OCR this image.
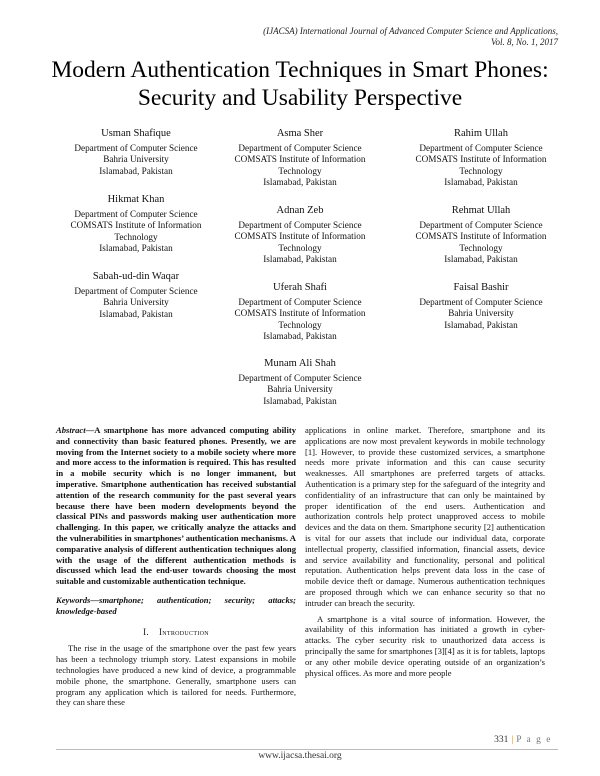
(IJACSA) International Journal of Advanced Computer Science and Applications,
Vol. 8, No. 1, 2017
Modern Authentication Techniques in Smart Phones:
Security and Usability Perspective
Usman Shafique
Department of Computer Science
Bahria University
Islamabad, Pakistan
Asma Sher
Department of Computer Science
COMSATS Institute of Information
Technology
Islamabad, Pakistan
Rahim Ullah
Department of Computer Science
COMSATS Institute of Information
Technology
Islamabad, Pakistan
Hikmat Khan
Department of Computer Science
COMSATS Institute of Information
Technology
Islamabad, Pakistan
Adnan Zeb
Department of Computer Science
COMSATS Institute of Information
Technology
Islamabad, Pakistan
Rehmat Ullah
Department of Computer Science
COMSATS Institute of Information
Technology
Islamabad, Pakistan
Sabah-ud-din Waqar
Department of Computer Science
Bahria University
Islamabad, Pakistan
Uferah Shafi
Department of Computer Science
COMSATS Institute of Information
Technology
Islamabad, Pakistan
Faisal Bashir
Department of Computer Science
Bahria University
Islamabad, Pakistan
Munam Ali Shah
Department of Computer Science
Bahria University
Islamabad, Pakistan

Abstract—A smartphone has more advanced computing ability and connectivity than basic featured phones. Presently, we are moving from the Internet society to a mobile society where more and more access to the information is required. This has resulted in a mobile security which is no longer immanent, but imperative. Smartphone authentication has received substantial attention of the research community for the past several years because there have been modern developments beyond the classical PINs and passwords making user authentication more challenging. In this paper, we critically analyze the attacks and the vulnerabilities in smartphones’ authentication mechanisms. A comparative analysis of different authentication techniques along with the usage of the different authentication methods is discussed which lead the end-user towards choosing the most suitable and customizable authentication technique.

Keywords—smartphone; authentication; security; attacks; knowledge-based

I. Introduction

The rise in the usage of the smartphone over the past few years has been a technology triumph story. Latest expansions in mobile technologies have produced a new kind of device, a programmable mobile phone, the smartphone. Generally, smartphone users can program any application which is tailored for needs. Furthermore, they can share these

applications in online market. Therefore, smartphone and its applications are now most prevalent keywords in mobile technology [1]. However, to provide these customized services, a smartphone needs more private information and this can cause security weaknesses. All smartphones are preferred targets of attacks. Authentication is a primary step for the safeguard of the integrity and confidentiality of an infrastructure that can only be maintained by proper identification of the end users. Authentication and authorization controls help protect unapproved access to mobile devices and the data on them. Smartphone security [2] authentication is vital for our assets that include our individual data, corporate intellectual property, classified information, financial assets, device and service availability and functionality, personal and political reputation. Authentication helps prevent data loss in the case of mobile device theft or damage. Numerous authentication techniques are proposed through which we can enhance security so that no intruder can breach the security.

A smartphone is a vital source of information. However, the availability of this information has initiated a growth in cyber-attacks. The cyber security risk to unauthorized data access is principally the same for smartphones [3][4] as it is for tablets, laptops or any other mobile device operating outside of an organization’s physical offices. As more and more people

331 | P a g e
www.ijacsa.thesai.org
